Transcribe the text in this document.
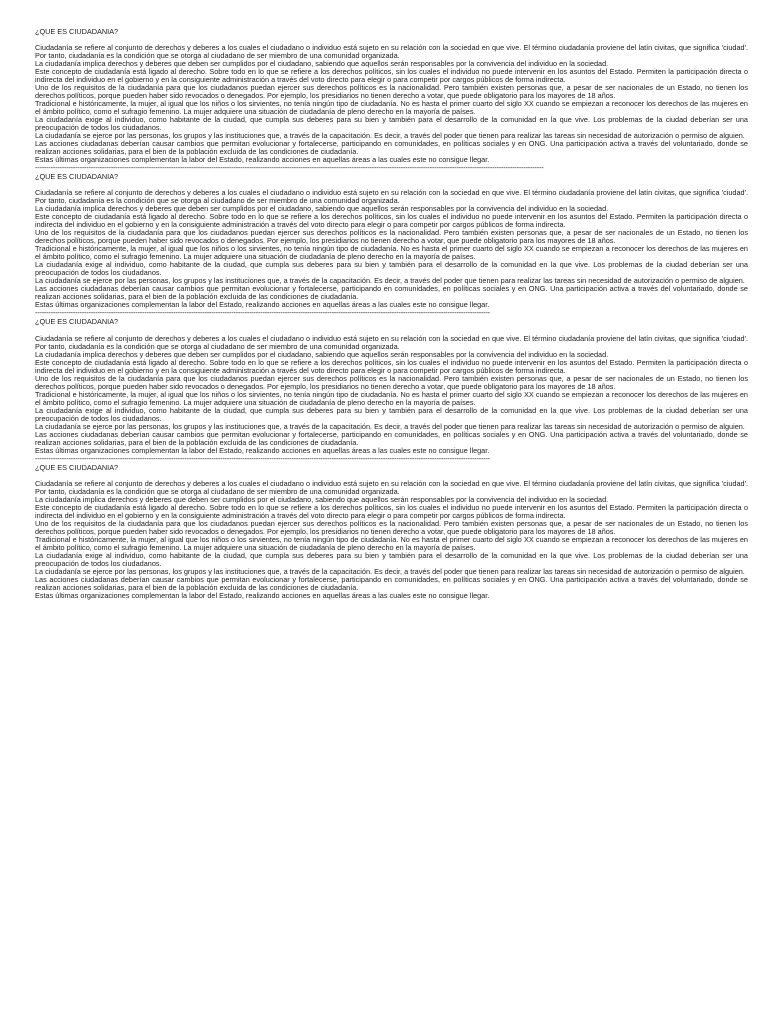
¿QUE ES CIUDADANIA?

Ciudadanía se refiere al conjunto de derechos y deberes a los cuales el ciudadano o individuo está sujeto en su relación con la sociedad en que vive. El término ciudadanía proviene del latín civitas, que significa 'ciudad'. Por tanto, ciudadanía es la condición que se otorga al ciudadano de ser miembro de una comunidad organizada.

La ciudadanía implica derechos y deberes que deben ser cumplidos por el ciudadano, sabiendo que aquellos serán responsables por la convivencia del individuo en la sociedad.

Este concepto de ciudadanía está ligado al derecho. Sobre todo en lo que se refiere a los derechos políticos, sin los cuales el individuo no puede intervenir en los asuntos del Estado. Permiten la participación directa o indirecta del individuo en el gobierno y en la consiguiente administración a través del voto directo para elegir o para competir por cargos públicos de forma indirecta.

Uno de los requisitos de la ciudadanía para que los ciudadanos puedan ejercer sus derechos políticos es la nacionalidad. Pero también existen personas que, a pesar de ser nacionales de un Estado, no tienen los derechos políticos, porque pueden haber sido revocados o denegados. Por ejemplo, los presidiarios no tienen derecho a votar, que puede obligatorio para los mayores de 18 años.

Tradicional e históricamente, la mujer, al igual que los niños o los sirvientes, no tenía ningún tipo de ciudadanía. No es hasta el primer cuarto del siglo XX cuando se empiezan a reconocer los derechos de las mujeres en el ámbito político, como el sufragio femenino. La mujer adquiere una situación de ciudadanía de pleno derecho en la mayoría de países.

La ciudadanía exige al individuo, como habitante de la ciudad, que cumpla sus deberes para su bien y también para el desarrollo de la comunidad en la que vive. Los problemas de la ciudad deberían ser una preocupación de todos los ciudadanos.

La ciudadanía se ejerce por las personas, los grupos y las instituciones que, a través de la capacitación. Es decir, a través del poder que tienen para realizar las tareas sin necesidad de autorización o permiso de alguien.

Las acciones ciudadanas deberían causar cambios que permitan evolucionar y fortalecerse, participando en comunidades, en políticas sociales y en ONG. Una participación activa a través del voluntariado, donde se realizan acciones solidarias, para el bien de la población excluida de las condiciones de ciudadanía.

Estas últimas organizaciones complementan la labor del Estado, realizando acciones en aquellas áreas a las cuales este no consigue llegar.

------------------------------------------------------------------------------------------------------------------------------------------------------------------------------------------------------------------------------------
¿QUE ES CIUDADANIA?

Ciudadanía se refiere al conjunto de derechos y deberes a los cuales el ciudadano o individuo está sujeto en su relación con la sociedad en que vive. El término ciudadanía proviene del latín civitas, que significa 'ciudad'. Por tanto, ciudadanía es la condición que se otorga al ciudadano de ser miembro de una comunidad organizada.

La ciudadanía implica derechos y deberes que deben ser cumplidos por el ciudadano, sabiendo que aquellos serán responsables por la convivencia del individuo en la sociedad.

Este concepto de ciudadanía está ligado al derecho. Sobre todo en lo que se refiere a los derechos políticos, sin los cuales el individuo no puede intervenir en los asuntos del Estado. Permiten la participación directa o indirecta del individuo en el gobierno y en la consiguiente administración a través del voto directo para elegir o para competir por cargos públicos de forma indirecta.

Uno de los requisitos de la ciudadanía para que los ciudadanos puedan ejercer sus derechos políticos es la nacionalidad. Pero también existen personas que, a pesar de ser nacionales de un Estado, no tienen los derechos políticos, porque pueden haber sido revocados o denegados. Por ejemplo, los presidiarios no tienen derecho a votar, que puede obligatorio para los mayores de 18 años.

Tradicional e históricamente, la mujer, al igual que los niños o los sirvientes, no tenía ningún tipo de ciudadanía. No es hasta el primer cuarto del siglo XX cuando se empiezan a reconocer los derechos de las mujeres en el ámbito político, como el sufragio femenino. La mujer adquiere una situación de ciudadanía de pleno derecho en la mayoría de países.

La ciudadanía exige al individuo, como habitante de la ciudad, que cumpla sus deberes para su bien y también para el desarrollo de la comunidad en la que vive. Los problemas de la ciudad deberían ser una preocupación de todos los ciudadanos.

La ciudadanía se ejerce por las personas, los grupos y las instituciones que, a través de la capacitación. Es decir, a través del poder que tienen para realizar las tareas sin necesidad de autorización o permiso de alguien.

Las acciones ciudadanas deberían causar cambios que permitan evolucionar y fortalecerse, participando en comunidades, en políticas sociales y en ONG. Una participación activa a través del voluntariado, donde se realizan acciones solidarias, para el bien de la población excluida de las condiciones de ciudadanía.

Estas últimas organizaciones complementan la labor del Estado, realizando acciones en aquellas áreas a las cuales este no consigue llegar.

------------------------------------------------------------------------------------------------------------------------------------------------------------------------------------------------------------
¿QUE ES CIUDADANIA?

Ciudadanía se refiere al conjunto de derechos y deberes a los cuales el ciudadano o individuo está sujeto en su relación con la sociedad en que vive. El término ciudadanía proviene del latín civitas, que significa 'ciudad'. Por tanto, ciudadanía es la condición que se otorga al ciudadano de ser miembro de una comunidad organizada.

La ciudadanía implica derechos y deberes que deben ser cumplidos por el ciudadano, sabiendo que aquellos serán responsables por la convivencia del individuo en la sociedad.

Este concepto de ciudadanía está ligado al derecho. Sobre todo en lo que se refiere a los derechos políticos, sin los cuales el individuo no puede intervenir en los asuntos del Estado. Permiten la participación directa o indirecta del individuo en el gobierno y en la consiguiente administración a través del voto directo para elegir o para competir por cargos públicos de forma indirecta.

Uno de los requisitos de la ciudadanía para que los ciudadanos puedan ejercer sus derechos políticos es la nacionalidad. Pero también existen personas que, a pesar de ser nacionales de un Estado, no tienen los derechos políticos, porque pueden haber sido revocados o denegados. Por ejemplo, los presidiarios no tienen derecho a votar, que puede obligatorio para los mayores de 18 años.

Tradicional e históricamente, la mujer, al igual que los niños o los sirvientes, no tenía ningún tipo de ciudadanía. No es hasta el primer cuarto del siglo XX cuando se empiezan a reconocer los derechos de las mujeres en el ámbito político, como el sufragio femenino. La mujer adquiere una situación de ciudadanía de pleno derecho en la mayoría de países.

La ciudadanía exige al individuo, como habitante de la ciudad, que cumpla sus deberes para su bien y también para el desarrollo de la comunidad en la que vive. Los problemas de la ciudad deberían ser una preocupación de todos los ciudadanos.

La ciudadanía se ejerce por las personas, los grupos y las instituciones que, a través de la capacitación. Es decir, a través del poder que tienen para realizar las tareas sin necesidad de autorización o permiso de alguien.

Las acciones ciudadanas deberían causar cambios que permitan evolucionar y fortalecerse, participando en comunidades, en políticas sociales y en ONG. Una participación activa a través del voluntariado, donde se realizan acciones solidarias, para el bien de la población excluida de las condiciones de ciudadanía.

Estas últimas organizaciones complementan la labor del Estado, realizando acciones en aquellas áreas a las cuales este no consigue llegar.

------------------------------------------------------------------------------------------------------------------------------------------------------------------------------------------------------------
¿QUE ES CIUDADANIA?

Ciudadanía se refiere al conjunto de derechos y deberes a los cuales el ciudadano o individuo está sujeto en su relación con la sociedad en que vive. El término ciudadanía proviene del latín civitas, que significa 'ciudad'. Por tanto, ciudadanía es la condición que se otorga al ciudadano de ser miembro de una comunidad organizada.

La ciudadanía implica derechos y deberes que deben ser cumplidos por el ciudadano, sabiendo que aquellos serán responsables por la convivencia del individuo en la sociedad.

Este concepto de ciudadanía está ligado al derecho. Sobre todo en lo que se refiere a los derechos políticos, sin los cuales el individuo no puede intervenir en los asuntos del Estado. Permiten la participación directa o indirecta del individuo en el gobierno y en la consiguiente administración a través del voto directo para elegir o para competir por cargos públicos de forma indirecta.

Uno de los requisitos de la ciudadanía para que los ciudadanos puedan ejercer sus derechos políticos es la nacionalidad. Pero también existen personas que, a pesar de ser nacionales de un Estado, no tienen los derechos políticos, porque pueden haber sido revocados o denegados. Por ejemplo, los presidiarios no tienen derecho a votar, que puede obligatorio para los mayores de 18 años.

Tradicional e históricamente, la mujer, al igual que los niños o los sirvientes, no tenía ningún tipo de ciudadanía. No es hasta el primer cuarto del siglo XX cuando se empiezan a reconocer los derechos de las mujeres en el ámbito político, como el sufragio femenino. La mujer adquiere una situación de ciudadanía de pleno derecho en la mayoría de países.

La ciudadanía exige al individuo, como habitante de la ciudad, que cumpla sus deberes para su bien y también para el desarrollo de la comunidad en la que vive. Los problemas de la ciudad deberían ser una preocupación de todos los ciudadanos.

La ciudadanía se ejerce por las personas, los grupos y las instituciones que, a través de la capacitación. Es decir, a través del poder que tienen para realizar las tareas sin necesidad de autorización o permiso de alguien.

Las acciones ciudadanas deberían causar cambios que permitan evolucionar y fortalecerse, participando en comunidades, en políticas sociales y en ONG. Una participación activa a través del voluntariado, donde se realizan acciones solidarias, para el bien de la población excluida de las condiciones de ciudadanía.

Estas últimas organizaciones complementan la labor del Estado, realizando acciones en aquellas áreas a las cuales este no consigue llegar.
